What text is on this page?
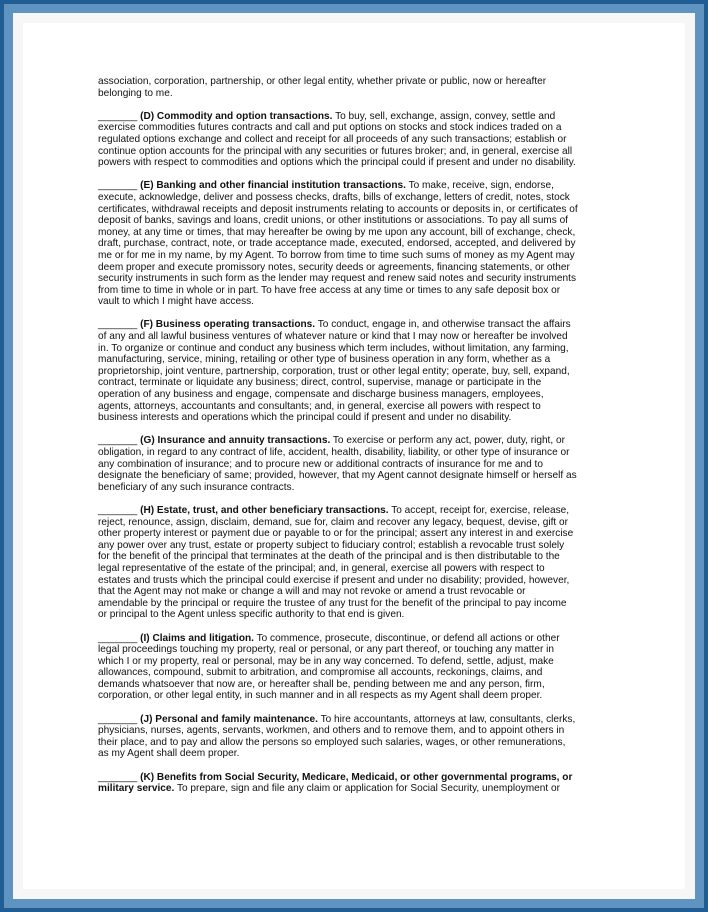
association, corporation, partnership, or other legal entity, whether private or public, now or hereafter belonging to me.

_______ (D) Commodity and option transactions. To buy, sell, exchange, assign, convey, settle and exercise commodities futures contracts and call and put options on stocks and stock indices traded on a regulated options exchange and collect and receipt for all proceeds of any such transactions; establish or continue option accounts for the principal with any securities or futures broker; and, in general, exercise all powers with respect to commodities and options which the principal could if present and under no disability.

_______ (E) Banking and other financial institution transactions. To make, receive, sign, endorse, execute, acknowledge, deliver and possess checks, drafts, bills of exchange, letters of credit, notes, stock certificates, withdrawal receipts and deposit instruments relating to accounts or deposits in, or certificates of deposit of banks, savings and loans, credit unions, or other institutions or associations. To pay all sums of money, at any time or times, that may hereafter be owing by me upon any account, bill of exchange, check, draft, purchase, contract, note, or trade acceptance made, executed, endorsed, accepted, and delivered by me or for me in my name, by my Agent. To borrow from time to time such sums of money as my Agent may deem proper and execute promissory notes, security deeds or agreements, financing statements, or other security instruments in such form as the lender may request and renew said notes and security instruments from time to time in whole or in part. To have free access at any time or times to any safe deposit box or vault to which I might have access.

_______ (F) Business operating transactions. To conduct, engage in, and otherwise transact the affairs of any and all lawful business ventures of whatever nature or kind that I may now or hereafter be involved in. To organize or continue and conduct any business which term includes, without limitation, any farming, manufacturing, service, mining, retailing or other type of business operation in any form, whether as a proprietorship, joint venture, partnership, corporation, trust or other legal entity; operate, buy, sell, expand, contract, terminate or liquidate any business; direct, control, supervise, manage or participate in the operation of any business and engage, compensate and discharge business managers, employees, agents, attorneys, accountants and consultants; and, in general, exercise all powers with respect to business interests and operations which the principal could if present and under no disability.

_______ (G) Insurance and annuity transactions. To exercise or perform any act, power, duty, right, or obligation, in regard to any contract of life, accident, health, disability, liability, or other type of insurance or any combination of insurance; and to procure new or additional contracts of insurance for me and to designate the beneficiary of same; provided, however, that my Agent cannot designate himself or herself as beneficiary of any such insurance contracts.

_______ (H) Estate, trust, and other beneficiary transactions. To accept, receipt for, exercise, release, reject, renounce, assign, disclaim, demand, sue for, claim and recover any legacy, bequest, devise, gift or other property interest or payment due or payable to or for the principal; assert any interest in and exercise any power over any trust, estate or property subject to fiduciary control; establish a revocable trust solely for the benefit of the principal that terminates at the death of the principal and is then distributable to the legal representative of the estate of the principal; and, in general, exercise all powers with respect to estates and trusts which the principal could exercise if present and under no disability; provided, however, that the Agent may not make or change a will and may not revoke or amend a trust revocable or amendable by the principal or require the trustee of any trust for the benefit of the principal to pay income or principal to the Agent unless specific authority to that end is given.

_______ (I) Claims and litigation. To commence, prosecute, discontinue, or defend all actions or other legal proceedings touching my property, real or personal, or any part thereof, or touching any matter in which I or my property, real or personal, may be in any way concerned. To defend, settle, adjust, make allowances, compound, submit to arbitration, and compromise all accounts, reckonings, claims, and demands whatsoever that now are, or hereafter shall be, pending between me and any person, firm, corporation, or other legal entity, in such manner and in all respects as my Agent shall deem proper.

_______ (J) Personal and family maintenance. To hire accountants, attorneys at law, consultants, clerks, physicians, nurses, agents, servants, workmen, and others and to remove them, and to appoint others in their place, and to pay and allow the persons so employed such salaries, wages, or other remunerations, as my Agent shall deem proper.

_______ (K) Benefits from Social Security, Medicare, Medicaid, or other governmental programs, or military service. To prepare, sign and file any claim or application for Social Security, unemployment or
